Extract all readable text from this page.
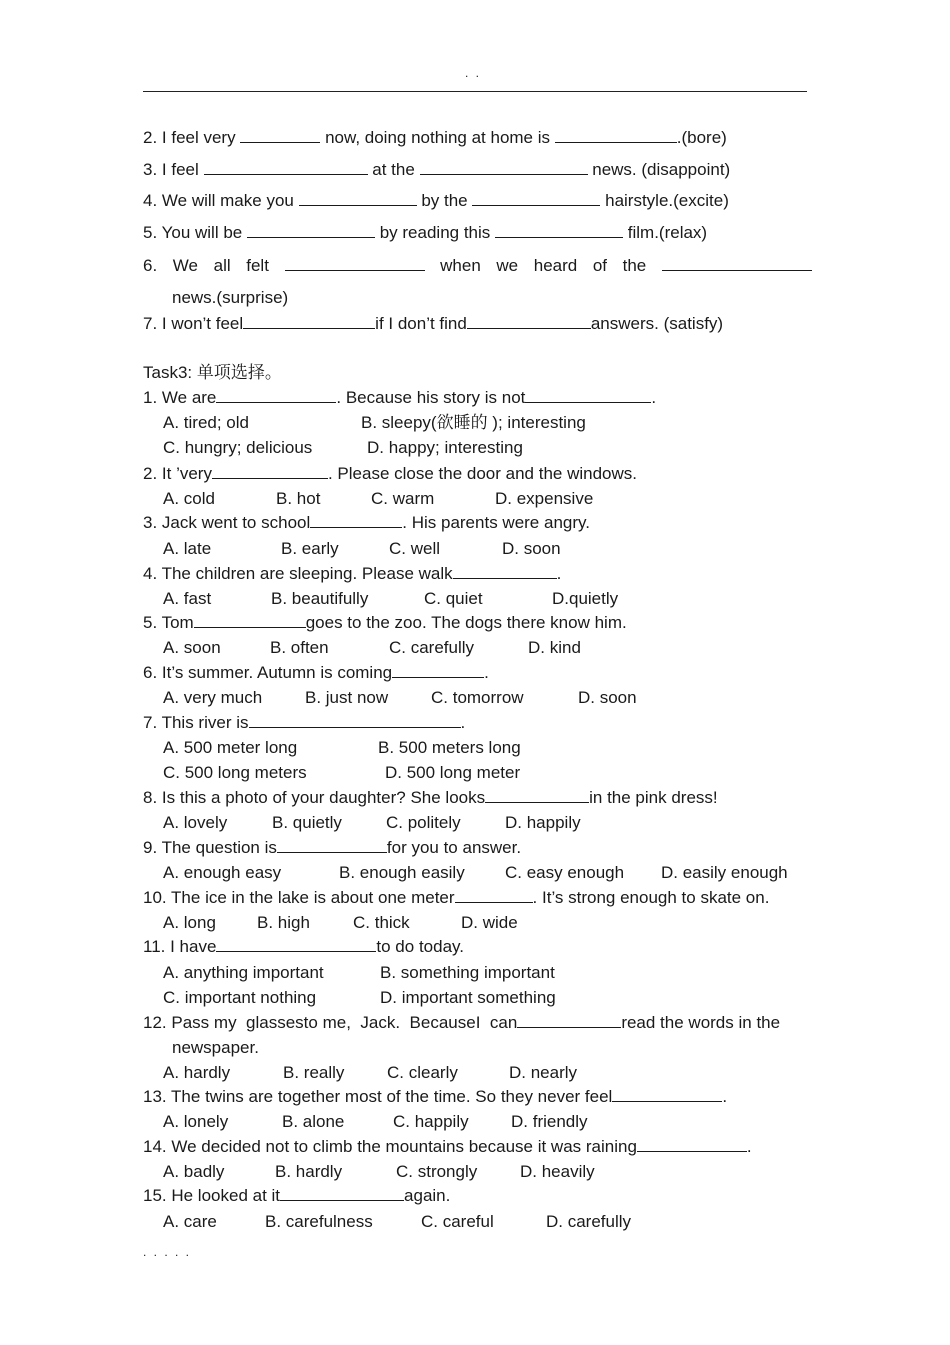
. .
2. I feel very	now, doing nothing at home is	.(bore)
3. I feel	at the	news. (disappoint)
4. We will make you	by the	hairstyle.(excite)
5. You will be	by reading this	film.(relax)
6. We all felt	when we heard of the
news.(surprise)
7. I won’t feel	if I don’t find	answers. (satisfy)
Task3: 单项选择。
1. We are	. Because his story is not	.
A. tired; old	B. sleepy(欲睡的 ); interesting
C. hungry; delicious	D. happy; interesting
2. It ’very	. Please close the door and the windows.
A. cold	B. hot	C. warm	D. expensive
3. Jack went to school	. His parents were angry.
A. late	B. early	C. well	D. soon
4. The children are sleeping. Please walk	.
A. fast	B. beautifully	C. quiet	D.quietly
5. Tom	goes to the zoo. The dogs there know him.
A. soon	B. often	C. carefully	D. kind
6. It’s summer. Autumn is coming	.
A. very much	B. just now	C. tomorrow	D. soon
7. This river is	.
A. 500 meter long	B. 500 meters long
C. 500 long meters	D. 500 long meter
8. Is this a photo of your daughter? She looks	in the pink dress!
A. lovely	B. quietly	C. politely	D. happily
9. The question is	for you to answer.
A. enough easy	B. enough easily C. easy enough D. easily enough
10. The ice in the lake is about one meter	. It’s strong enough to skate on.
A. long B. high	C. thick	D. wide
11. I have	to do today.
A. anything important	B. something important
C. important nothing	D. important something
12. Pass my glassesto me, Jack. BecauseI can	read the words in the
newspaper.
A. hardly	B. really	C. clearly	D. nearly
13. The twins are together most of the time. So they never feel	.
A. lonely	B. alone	C. happily D. friendly
14. We decided not to climb the mountains because it was raining	.
A. badly	B. hardly	C. strongly	D. heavily
15. He looked at it	again.
A. care	B. carefulness	C. careful	D. carefully
. . . . .
